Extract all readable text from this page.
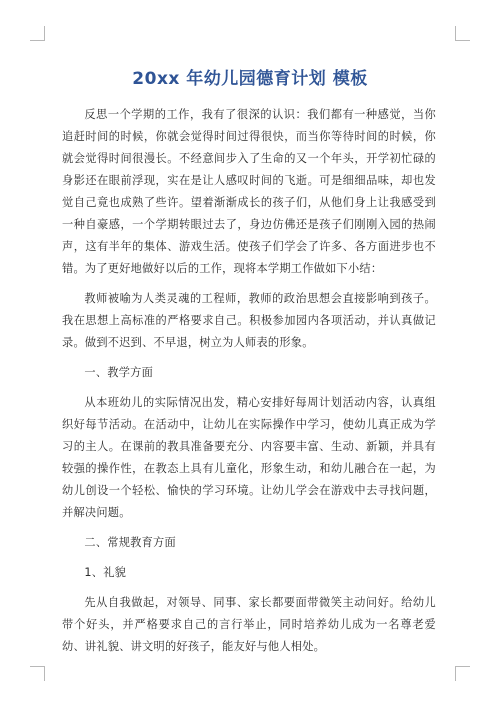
20xx 年幼儿园德育计划 模板

反思一个学期的工作，我有了很深的认识：我们都有一种感觉，当你追赶时间的时候，你就会觉得时间过得很快，而当你等待时间的时候，你就会觉得时间很漫长。不经意间步入了生命的又一个年头，开学初忙碌的身影还在眼前浮现，实在是让人感叹时间的飞逝。可是细细品味，却也发觉自己竟也成熟了些许。望着渐渐成长的孩子们，从他们身上让我感受到一种自豪感，一个学期转眼过去了，身边仿佛还是孩子们刚刚入园的热闹声，这有半年的集体、游戏生活。使孩子们学会了许多、各方面进步也不错。为了更好地做好以后的工作，现将本学期工作做如下小结：

教师被喻为人类灵魂的工程师，教师的政治思想会直接影响到孩子。我在思想上高标准的严格要求自己。积极参加园内各项活动，并认真做记录。做到不迟到、不早退，树立为人师表的形象。

一、教学方面

从本班幼儿的实际情况出发，精心安排好每周计划活动内容，认真组织好每节活动。在活动中，让幼儿在实际操作中学习，使幼儿真正成为学习的主人。在课前的教具准备要充分、内容要丰富、生动、新颖，并具有较强的操作性，在教态上具有儿童化，形象生动，和幼儿融合在一起，为幼儿创设一个轻松、愉快的学习环境。让幼儿学会在游戏中去寻找问题，并解决问题。

二、常规教育方面

1、礼貌

先从自我做起，对领导、同事、家长都要面带微笑主动问好。给幼儿带个好头，并严格要求自己的言行举止，同时培养幼儿成为一名尊老爱幼、讲礼貌、讲文明的好孩子，能友好与他人相处。
